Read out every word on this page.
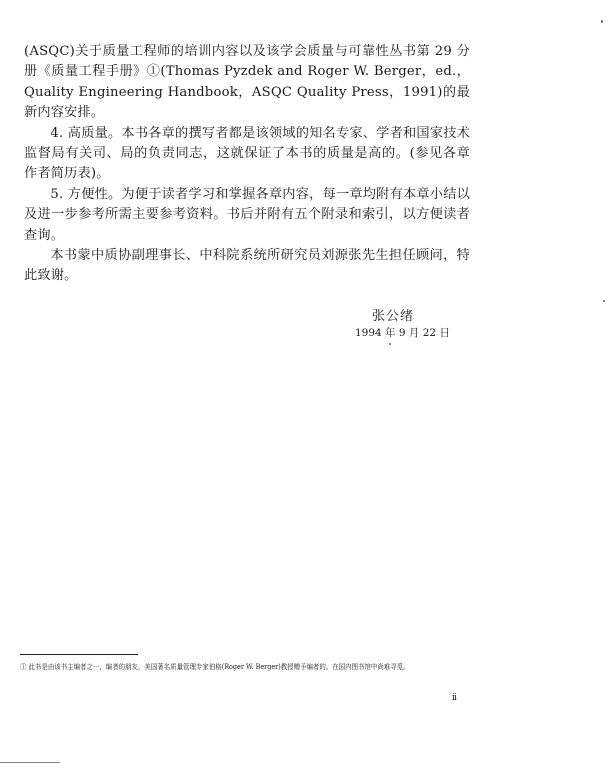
(ASQC)关于质量工程师的培训内容以及该学会质量与可靠性丛书第 29 分册《质量工程手册》①(Thomas Pyzdek and Roger W. Berger，ed.，Quality Engineering Handbook，ASQC Quality Press，1991)的最新内容安排。

4. 高质量。本书各章的撰写者都是该领域的知名专家、学者和国家技术监督局有关司、局的负责同志，这就保证了本书的质量是高的。(参见各章作者简历表)。

5. 方便性。为便于读者学习和掌握各章内容，每一章均附有本章小结以及进一步参考所需主要参考资料。书后并附有五个附录和索引，以方便读者查询。

本书蒙中质协副理事长、中科院系统所研究员刘源张先生担任顾问，特此致谢。

张公绪
1994 年 9 月 22 日
① 此书是由该书主编者之一，编者的朋友，美国著名质量管理专家伯格(Roger W. Berger)教授赠予编者的。在国内图书馆中尚难寻觅。
ii
